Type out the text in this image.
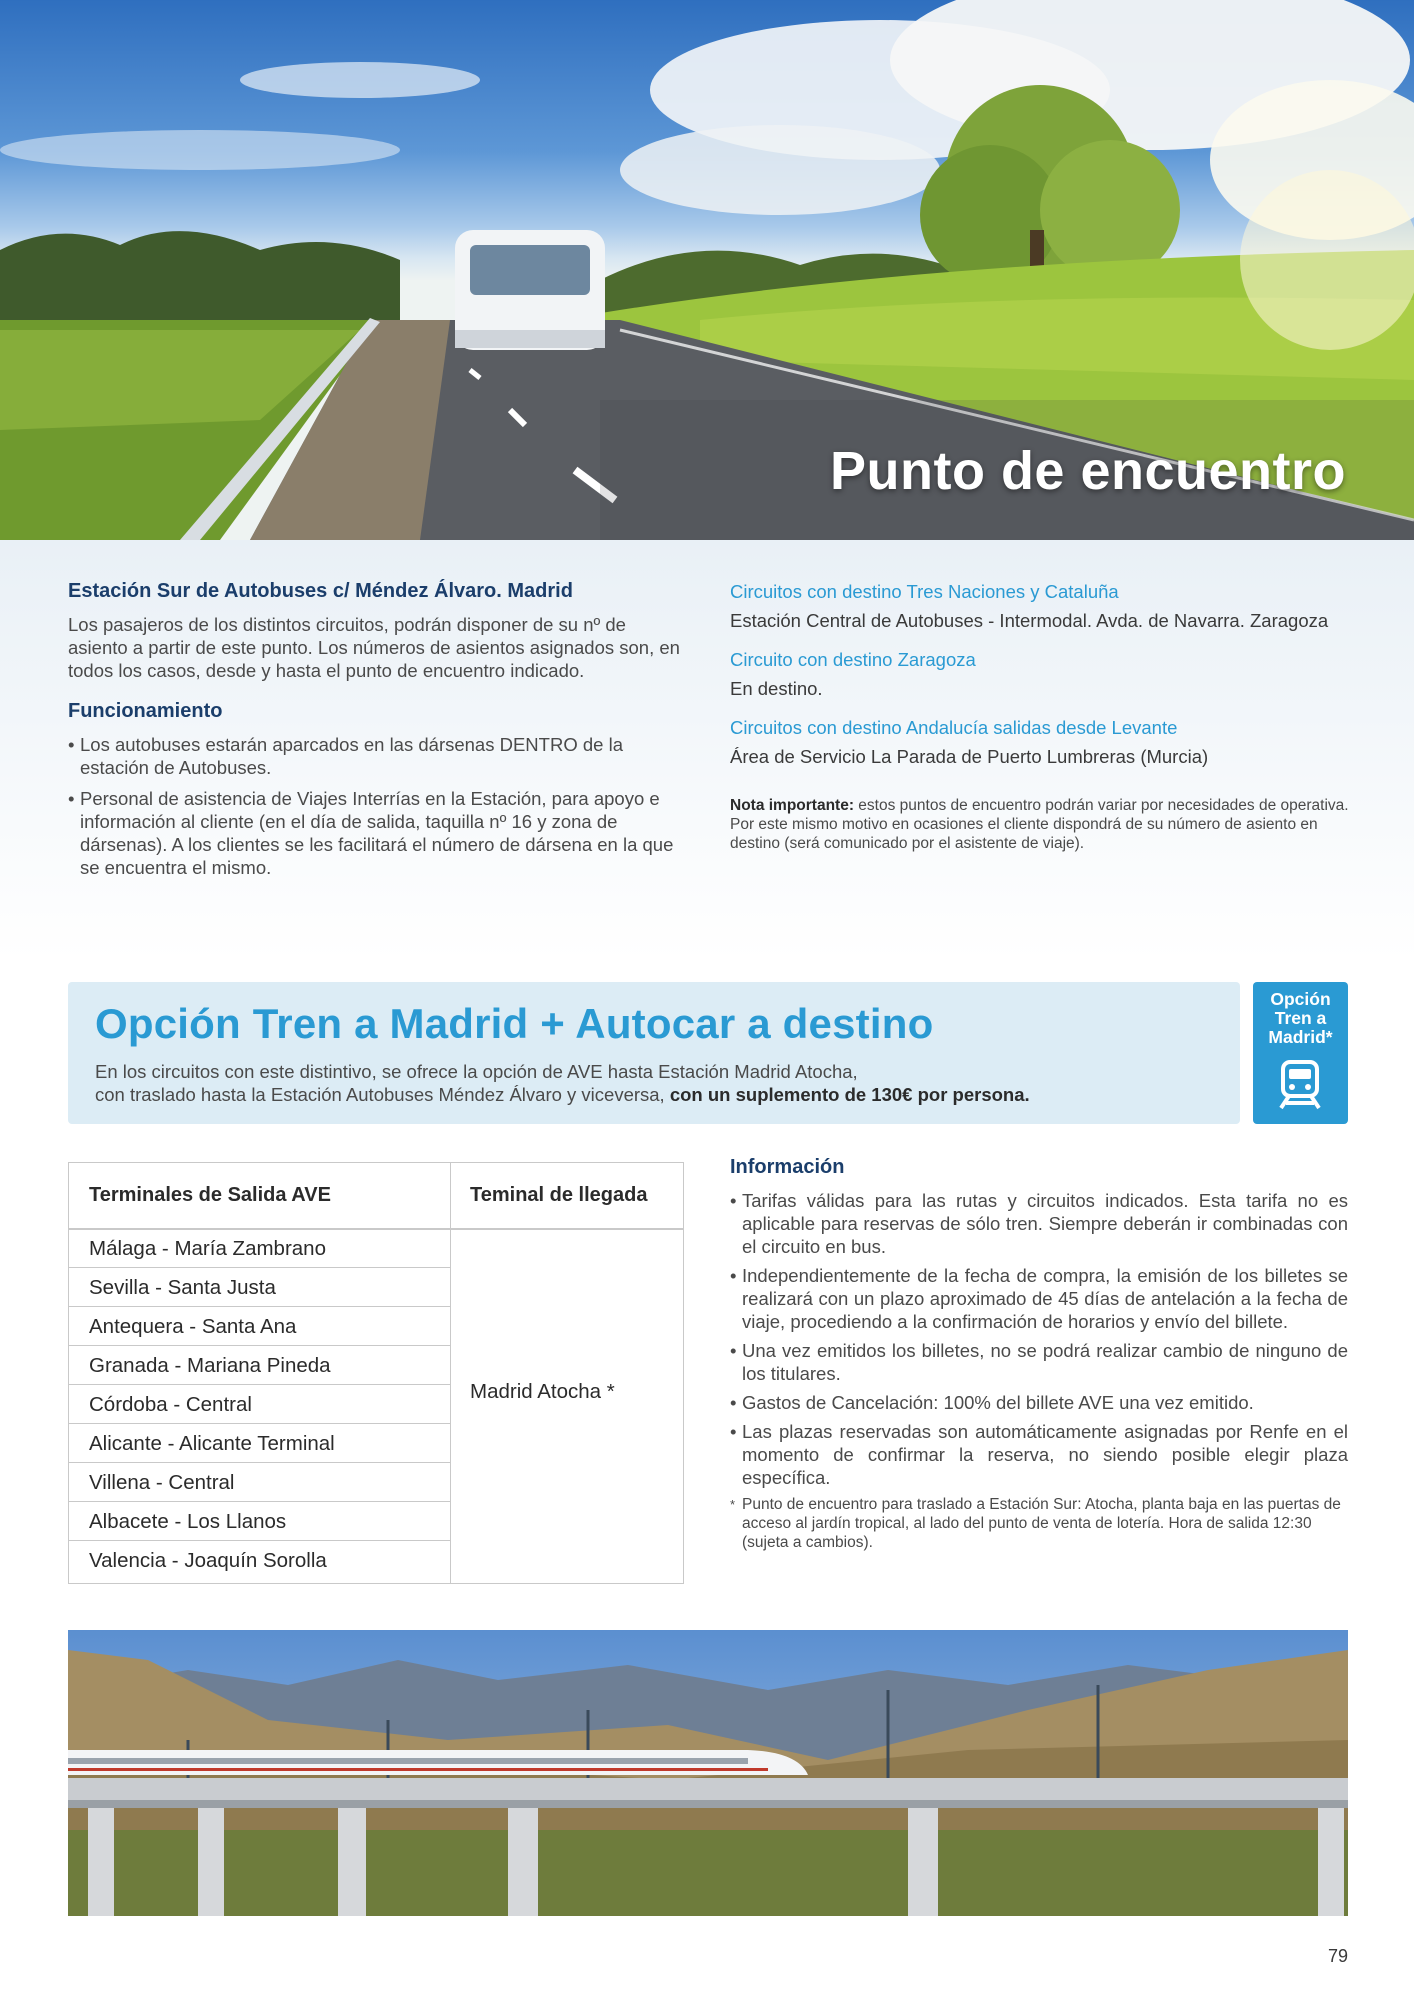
Punto de encuentro
Estación Sur de Autobuses c/ Méndez Álvaro. Madrid

Los pasajeros de los distintos circuitos, podrán disponer de su nº de asiento a partir de este punto. Los números de asientos asignados son, en todos los casos, desde y hasta el punto de encuentro indicado.

Funcionamiento
• Los autobuses estarán aparcados en las dársenas DENTRO de la estación de Autobuses.
• Personal de asistencia de Viajes Interrías en la Estación, para apoyo e información al cliente (en el día de salida, taquilla nº 16 y zona de dársenas). A los clientes se les facilitará el número de dársena en la que se encuentra el mismo.
Circuitos con destino Tres Naciones y Cataluña
Estación Central de Autobuses - Intermodal. Avda. de Navarra. Zaragoza
Circuito con destino Zaragoza
En destino.
Circuitos con destino Andalucía salidas desde Levante
Área de Servicio La Parada de Puerto Lumbreras (Murcia)
Nota importante: estos puntos de encuentro podrán variar por necesidades de operativa. Por este mismo motivo en ocasiones el cliente dispondrá de su número de asiento en destino (será comunicado por el asistente de viaje).
Opción Tren a Madrid + Autocar a destino
En los circuitos con este distintivo, se ofrece la opción de AVE hasta Estación Madrid Atocha,
con traslado hasta la Estación Autobuses Méndez Álvaro y viceversa, con un suplemento de 130€ por persona.
Opción Tren a Madrid*
Terminales de Salida AVE	Teminal de llegada
Málaga - María Zambrano
Sevilla - Santa Justa
Antequera - Santa Ana
Granada - Mariana Pineda
Córdoba - Central
Alicante - Alicante Terminal
Villena - Central
Albacete - Los Llanos
Valencia - Joaquín Sorolla
Madrid Atocha *
Información
• Tarifas válidas para las rutas y circuitos indicados. Esta tarifa no es aplicable para reservas de sólo tren. Siempre deberán ir combinadas con el circuito en bus.
• Independientemente de la fecha de compra, la emisión de los billetes se realizará con un plazo aproximado de 45 días de antelación a la fecha de viaje, procediendo a la confirmación de horarios y envío del billete.
• Una vez emitidos los billetes, no se podrá realizar cambio de ninguno de los titulares.
• Gastos de Cancelación: 100% del billete AVE una vez emitido.
• Las plazas reservadas son automáticamente asignadas por Renfe en el momento de confirmar la reserva, no siendo posible elegir plaza específica.
* Punto de encuentro para traslado a Estación Sur: Atocha, planta baja en las puertas de acceso al jardín tropical, al lado del punto de venta de lotería. Hora de salida 12:30 (sujeta a cambios).
79
